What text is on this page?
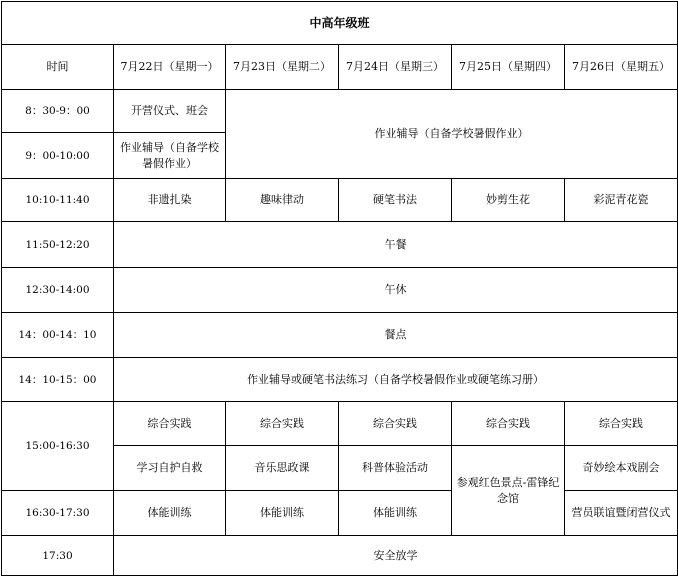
中高年级班					
时间	7月22日（星期一）	7月23日（星期二）	7月24日（星期三）	7月25日（星期四）	7月26日（星期五）
8：30-9：00	开营仪式、班会	作业辅导（自备学校暑假作业）			
9：00-10:00	作业辅导（自备学校暑假作业）				
10:10-11:40	非遗扎染	趣味律动	硬笔书法	妙剪生花	彩泥青花瓷
11:50-12:20	午餐				
12:30-14:00	午休				
14：00-14：10	餐点				
14：10-15：00	作业辅导或硬笔书法练习（自备学校暑假作业或硬笔练习册）				
15:00-16:30	综合实践	综合实践	综合实践	综合实践	综合实践
	学习自护自救	音乐思政课	科普体验活动	参观红色景点-雷锋纪念馆	奇妙绘本戏剧会
16:30-17:30	体能训练	体能训练	体能训练		营员联谊暨闭营仪式
17:30	安全放学				
